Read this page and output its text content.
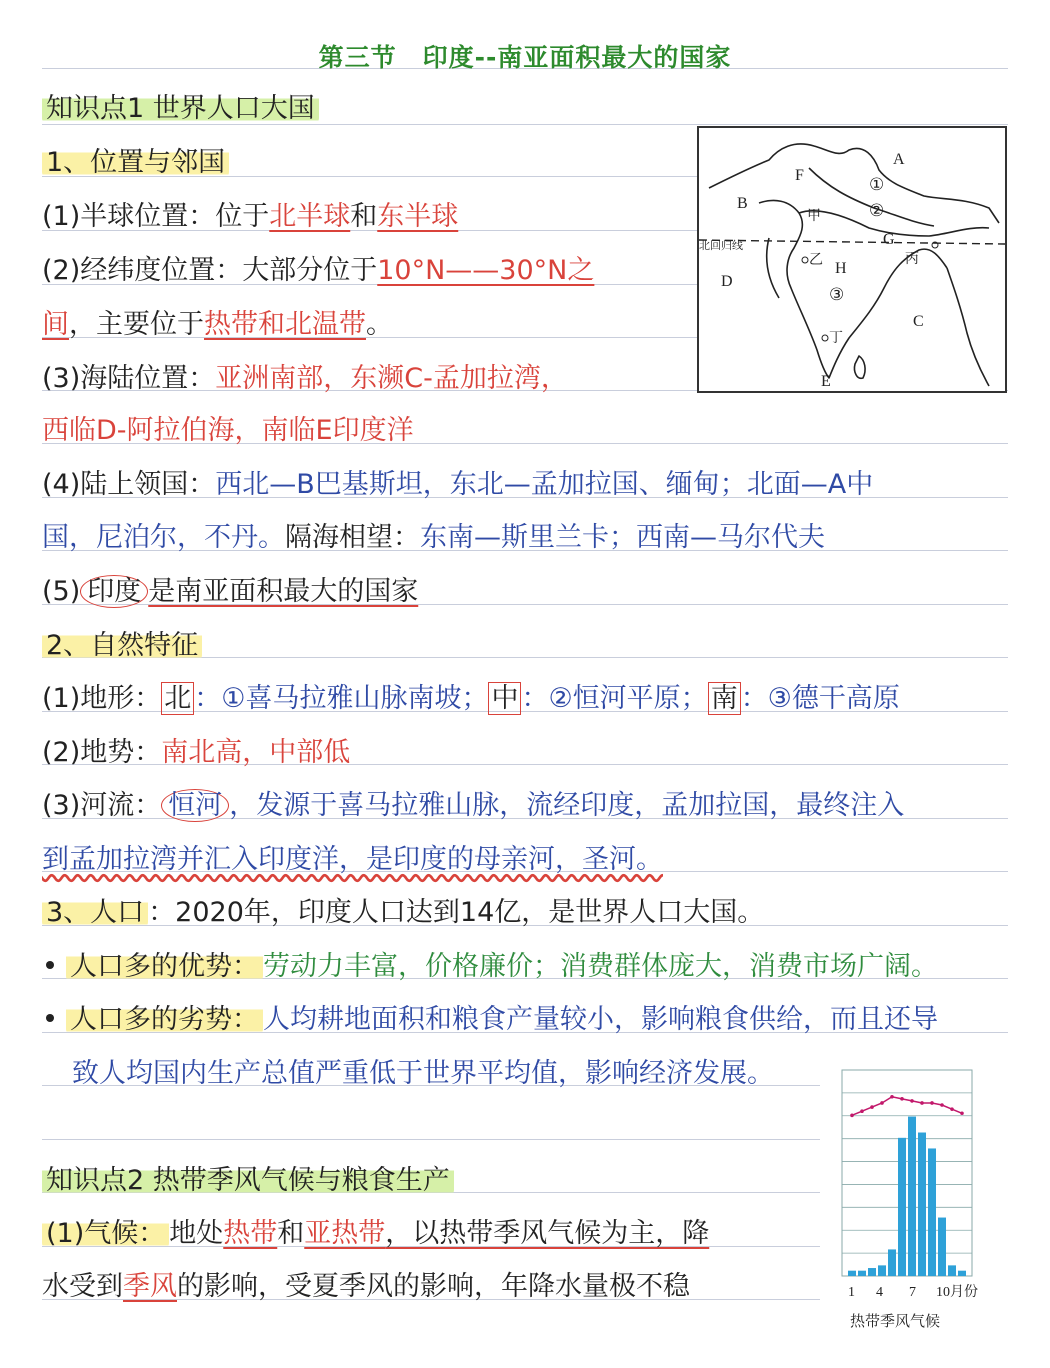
第三节　印度--南亚面积最大的国家
知识点1 世界人口大国
1、位置与邻国
(1)半球位置：位于北半球和东半球
(2)经纬度位置：大部分位于10°N——30°N之
间，主要位于热带和北温带。
(3)海陆位置：亚洲南部，东濒C-孟加拉湾，
西临D-阿拉伯海，南临E印度洋
(4)陆上领国：西北—B巴基斯坦，东北—孟加拉国、缅甸；北面—A中
国，尼泊尔，不丹。隔海相望：东南—斯里兰卡；西南—马尔代夫
(5) 印度 是南亚面积最大的国家
2、自然特征
(1)地形： 北 ：①喜马拉雅山脉南坡； 中 ：②恒河平原； 南 ：③德干高原
(2)地势：南北高，中部低
(3)河流： 恒河 ，发源于喜马拉雅山脉，流经印度，孟加拉国，最终注入
到孟加拉湾并汇入印度洋，是印度的母亲河，圣河。
3、人口 ：2020年，印度人口达到14亿，是世界人口大国。
人口多的优势： 劳动力丰富，价格廉价；消费群体庞大，消费市场广阔。
人口多的劣势： 人均耕地面积和粮食产量较小，影响粮食供给，而且还导
致人均国内生产总值严重低于世界平均值，影响经济发展。
知识点2 热带季风气候与粮食生产
(1)气候： 地处热带和亚热带，以热带季风气候为主，降
水受到季风的影响，受夏季风的影响，年降水量极不稳
北回归线
A
B
C
D
E
F
G
H
甲
乙	丙
丁
①
②
③
1 4 7 10月份
热带季风气候
